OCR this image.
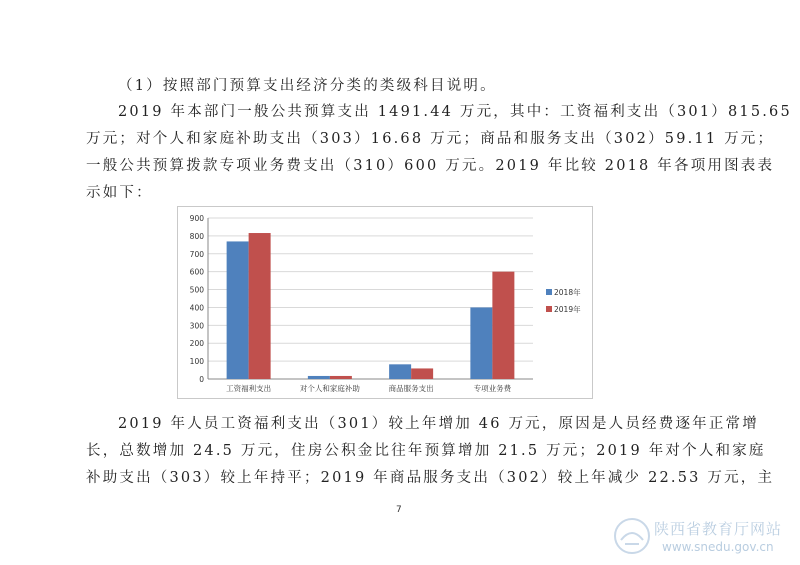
（1）按照部门预算支出经济分类的类级科目说明。
2019 年本部门一般公共预算支出 1491.44 万元，其中：工资福利支出（301）815.65
万元；对个人和家庭补助支出（303）16.68 万元；商品和服务支出（302）59.11 万元；
一般公共预算拨款专项业务费支出（310）600 万元。2019 年比较 2018 年各项用图表表
示如下：
0
100
200
300
400
500
600
700
800
900
工资福利支出	对个人和家庭补助	商品服务支出	专项业务费
2018年
2019年
2019 年人员工资福利支出（301）较上年增加 46 万元，原因是人员经费逐年正常增
长，总数增加 24.5 万元，住房公积金比往年预算增加 21.5 万元；2019 年对个人和家庭
补助支出（303）较上年持平；2019 年商品服务支出（302）较上年减少 22.53 万元，主
7
陕西省教育厅网站
www.snedu.gov.cn
